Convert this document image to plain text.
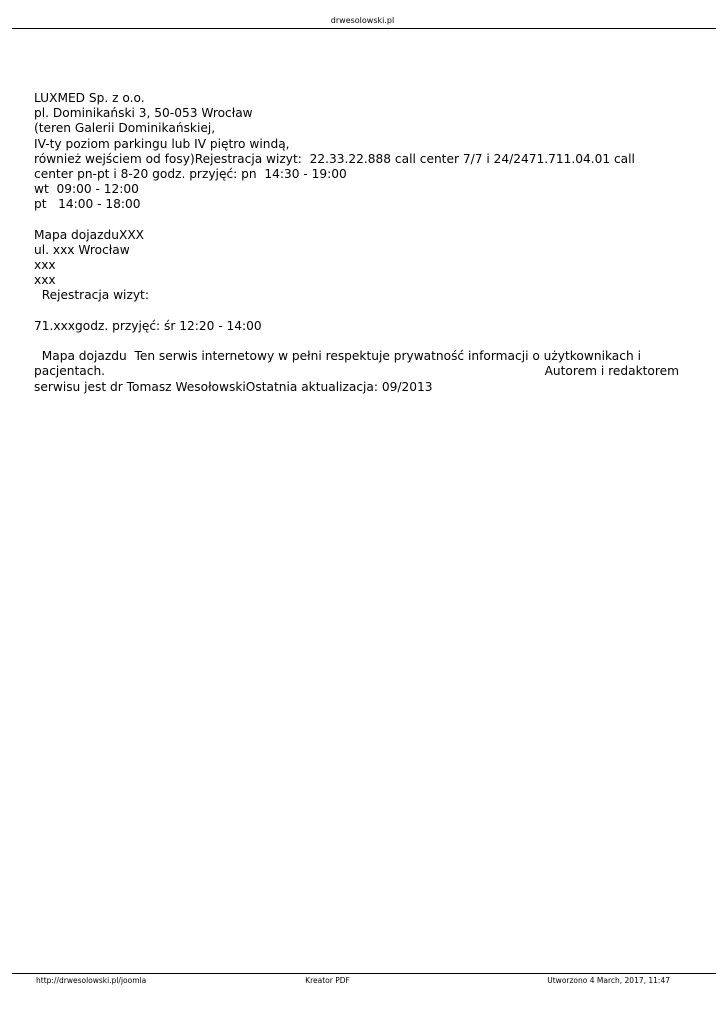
drwesolowski.pl
LUXMED Sp. z o.o.
pl. Dominikański 3, 50-053 Wrocław
(teren Galerii Dominikańskiej,
IV-ty poziom parkingu lub IV piętro windą,
również wejściem od fosy)Rejestracja wizyt:  22.33.22.888 call center 7/7 i 24/2471.711.04.01 call
center pn-pt i 8-20 godz. przyjęć: pn  14:30 - 19:00
wt  09:00 - 12:00
pt   14:00 - 18:00
Mapa dojazduXXX
ul. xxx Wrocław
xxx
xxx
Rejestracja wizyt:
71.xxxgodz. przyjęć: śr 12:20 - 14:00
Mapa dojazdu  Ten serwis internetowy w pełni respektuje prywatność informacji o użytkownikach i
pacjentach.	Autorem i redaktorem
serwisu jest dr Tomasz WesołowskiOstatnia aktualizacja: 09/2013
http://drwesolowski.pl/joomla	Kreator PDF	Utworzono 4 March, 2017, 11:47
